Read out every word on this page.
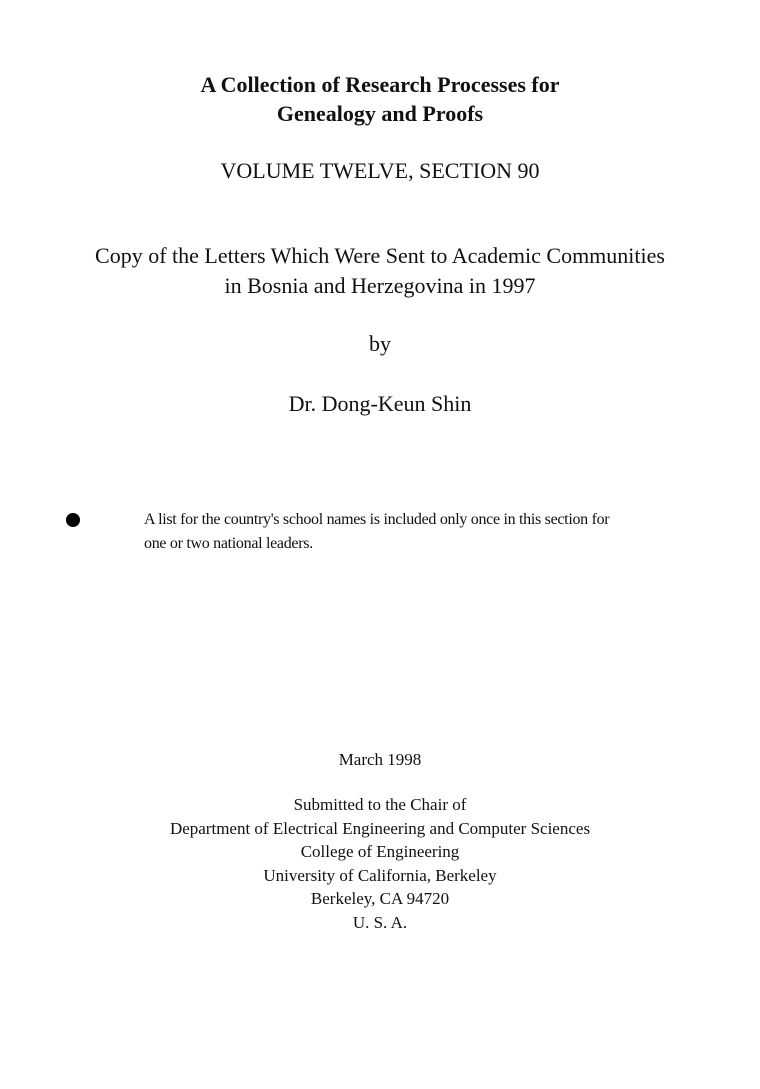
A Collection of Research Processes for
Genealogy and Proofs
VOLUME TWELVE, SECTION 90
Copy of the Letters Which Were Sent to Academic Communities
in Bosnia and Herzegovina in 1997
by
Dr. Dong-Keun Shin
A list for the country's school names is included only once in this section for
one or two national leaders.
March 1998
Submitted to the Chair of
Department of Electrical Engineering and Computer Sciences
College of Engineering
University of California, Berkeley
Berkeley, CA 94720
U. S. A.
